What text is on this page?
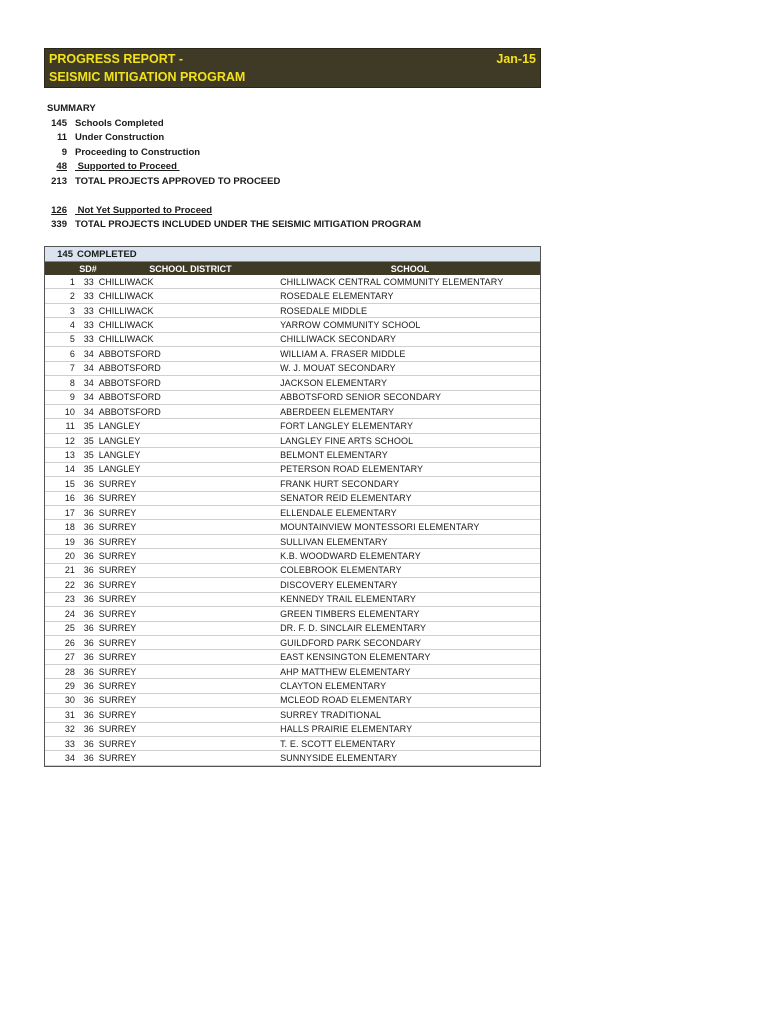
PROGRESS REPORT -
SEISMIC MITIGATION PROGRAM
Jan-15
SUMMARY
145 Schools Completed
11 Under Construction
9 Proceeding to Construction
48 Supported to Proceed
213 TOTAL PROJECTS APPROVED TO PROCEED
126 Not Yet Supported to Proceed
339 TOTAL PROJECTS INCLUDED UNDER THE SEISMIC MITIGATION PROGRAM
145 COMPLETED
SD#	SCHOOL DISTRICT	SCHOOL
1 33 CHILLIWACK	CHILLIWACK CENTRAL COMMUNITY ELEMENTARY
2 33 CHILLIWACK	ROSEDALE ELEMENTARY
3 33 CHILLIWACK	ROSEDALE MIDDLE
4 33 CHILLIWACK	YARROW COMMUNITY SCHOOL
5 33 CHILLIWACK	CHILLIWACK SECONDARY
6 34 ABBOTSFORD	WILLIAM A. FRASER MIDDLE
7 34 ABBOTSFORD	W. J. MOUAT SECONDARY
8 34 ABBOTSFORD	JACKSON ELEMENTARY
9 34 ABBOTSFORD	ABBOTSFORD SENIOR SECONDARY
10 34 ABBOTSFORD	ABERDEEN ELEMENTARY
11 35 LANGLEY	FORT LANGLEY ELEMENTARY
12 35 LANGLEY	LANGLEY FINE ARTS SCHOOL
13 35 LANGLEY	BELMONT ELEMENTARY
14 35 LANGLEY	PETERSON ROAD ELEMENTARY
15 36 SURREY	FRANK HURT SECONDARY
16 36 SURREY	SENATOR REID ELEMENTARY
17 36 SURREY	ELLENDALE ELEMENTARY
18 36 SURREY	MOUNTAINVIEW MONTESSORI ELEMENTARY
19 36 SURREY	SULLIVAN ELEMENTARY
20 36 SURREY	K.B. WOODWARD ELEMENTARY
21 36 SURREY	COLEBROOK ELEMENTARY
22 36 SURREY	DISCOVERY ELEMENTARY
23 36 SURREY	KENNEDY TRAIL ELEMENTARY
24 36 SURREY	GREEN TIMBERS ELEMENTARY
25 36 SURREY	DR. F. D. SINCLAIR ELEMENTARY
26 36 SURREY	GUILDFORD PARK SECONDARY
27 36 SURREY	EAST KENSINGTON ELEMENTARY
28 36 SURREY	AHP MATTHEW ELEMENTARY
29 36 SURREY	CLAYTON ELEMENTARY
30 36 SURREY	MCLEOD ROAD ELEMENTARY
31 36 SURREY	SURREY TRADITIONAL
32 36 SURREY	HALLS PRAIRIE ELEMENTARY
33 36 SURREY	T. E. SCOTT ELEMENTARY
34 36 SURREY	SUNNYSIDE ELEMENTARY
